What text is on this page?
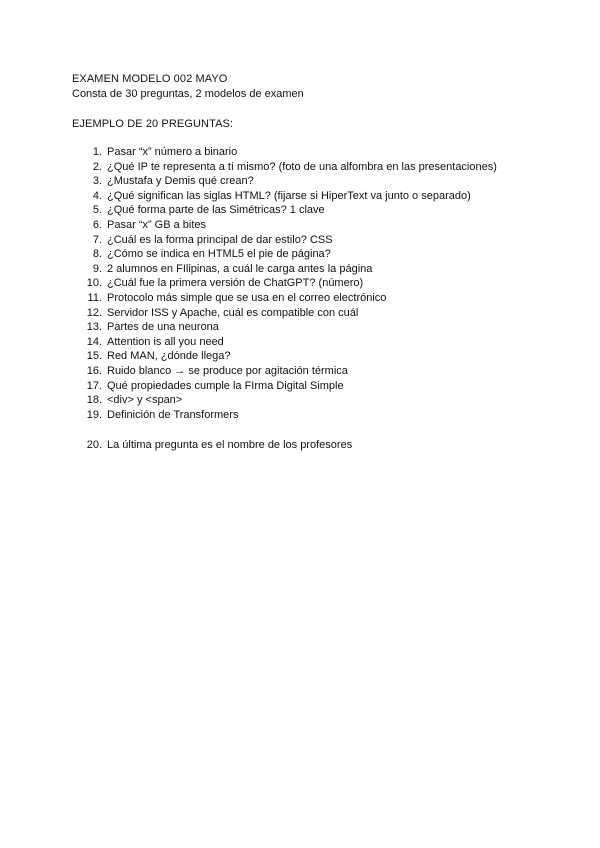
EXAMEN MODELO 002 MAYO
Consta de 30 preguntas, 2 modelos de examen
EJEMPLO DE 20 PREGUNTAS:
1. Pasar “x” número a binario
2. ¿Qué IP te representa a tí mismo? (foto de una alfombra en las presentaciones)
3. ¿Mustafa y Demis qué crean?
4. ¿Qué significan las siglas HTML? (fijarse si HiperText va junto o separado)
5. ¿Qué forma parte de las Simétricas? 1 clave
6. Pasar “x” GB a bites
7. ¿Cuál es la forma principal de dar estilo? CSS
8. ¿Cómo se indica en HTML5 el pie de página?
9. 2 alumnos en FIlipinas, a cuál le carga antes la página
10. ¿Cuál fue la primera versión de ChatGPT? (número)
11. Protocolo más simple que se usa en el correo electrónico
12. Servidor ISS y Apache, cuál es compatible con cuál
13. Partes de una neurona
14. Attention is all you need
15. Red MAN, ¿dónde llega?
16. Ruido blanco → se produce por agitación térmica
17. Qué propiedades cumple la FIrma Digital Simple
18. <div> y <span>
19. Definición de Transformers
20. La última pregunta es el nombre de los profesores
